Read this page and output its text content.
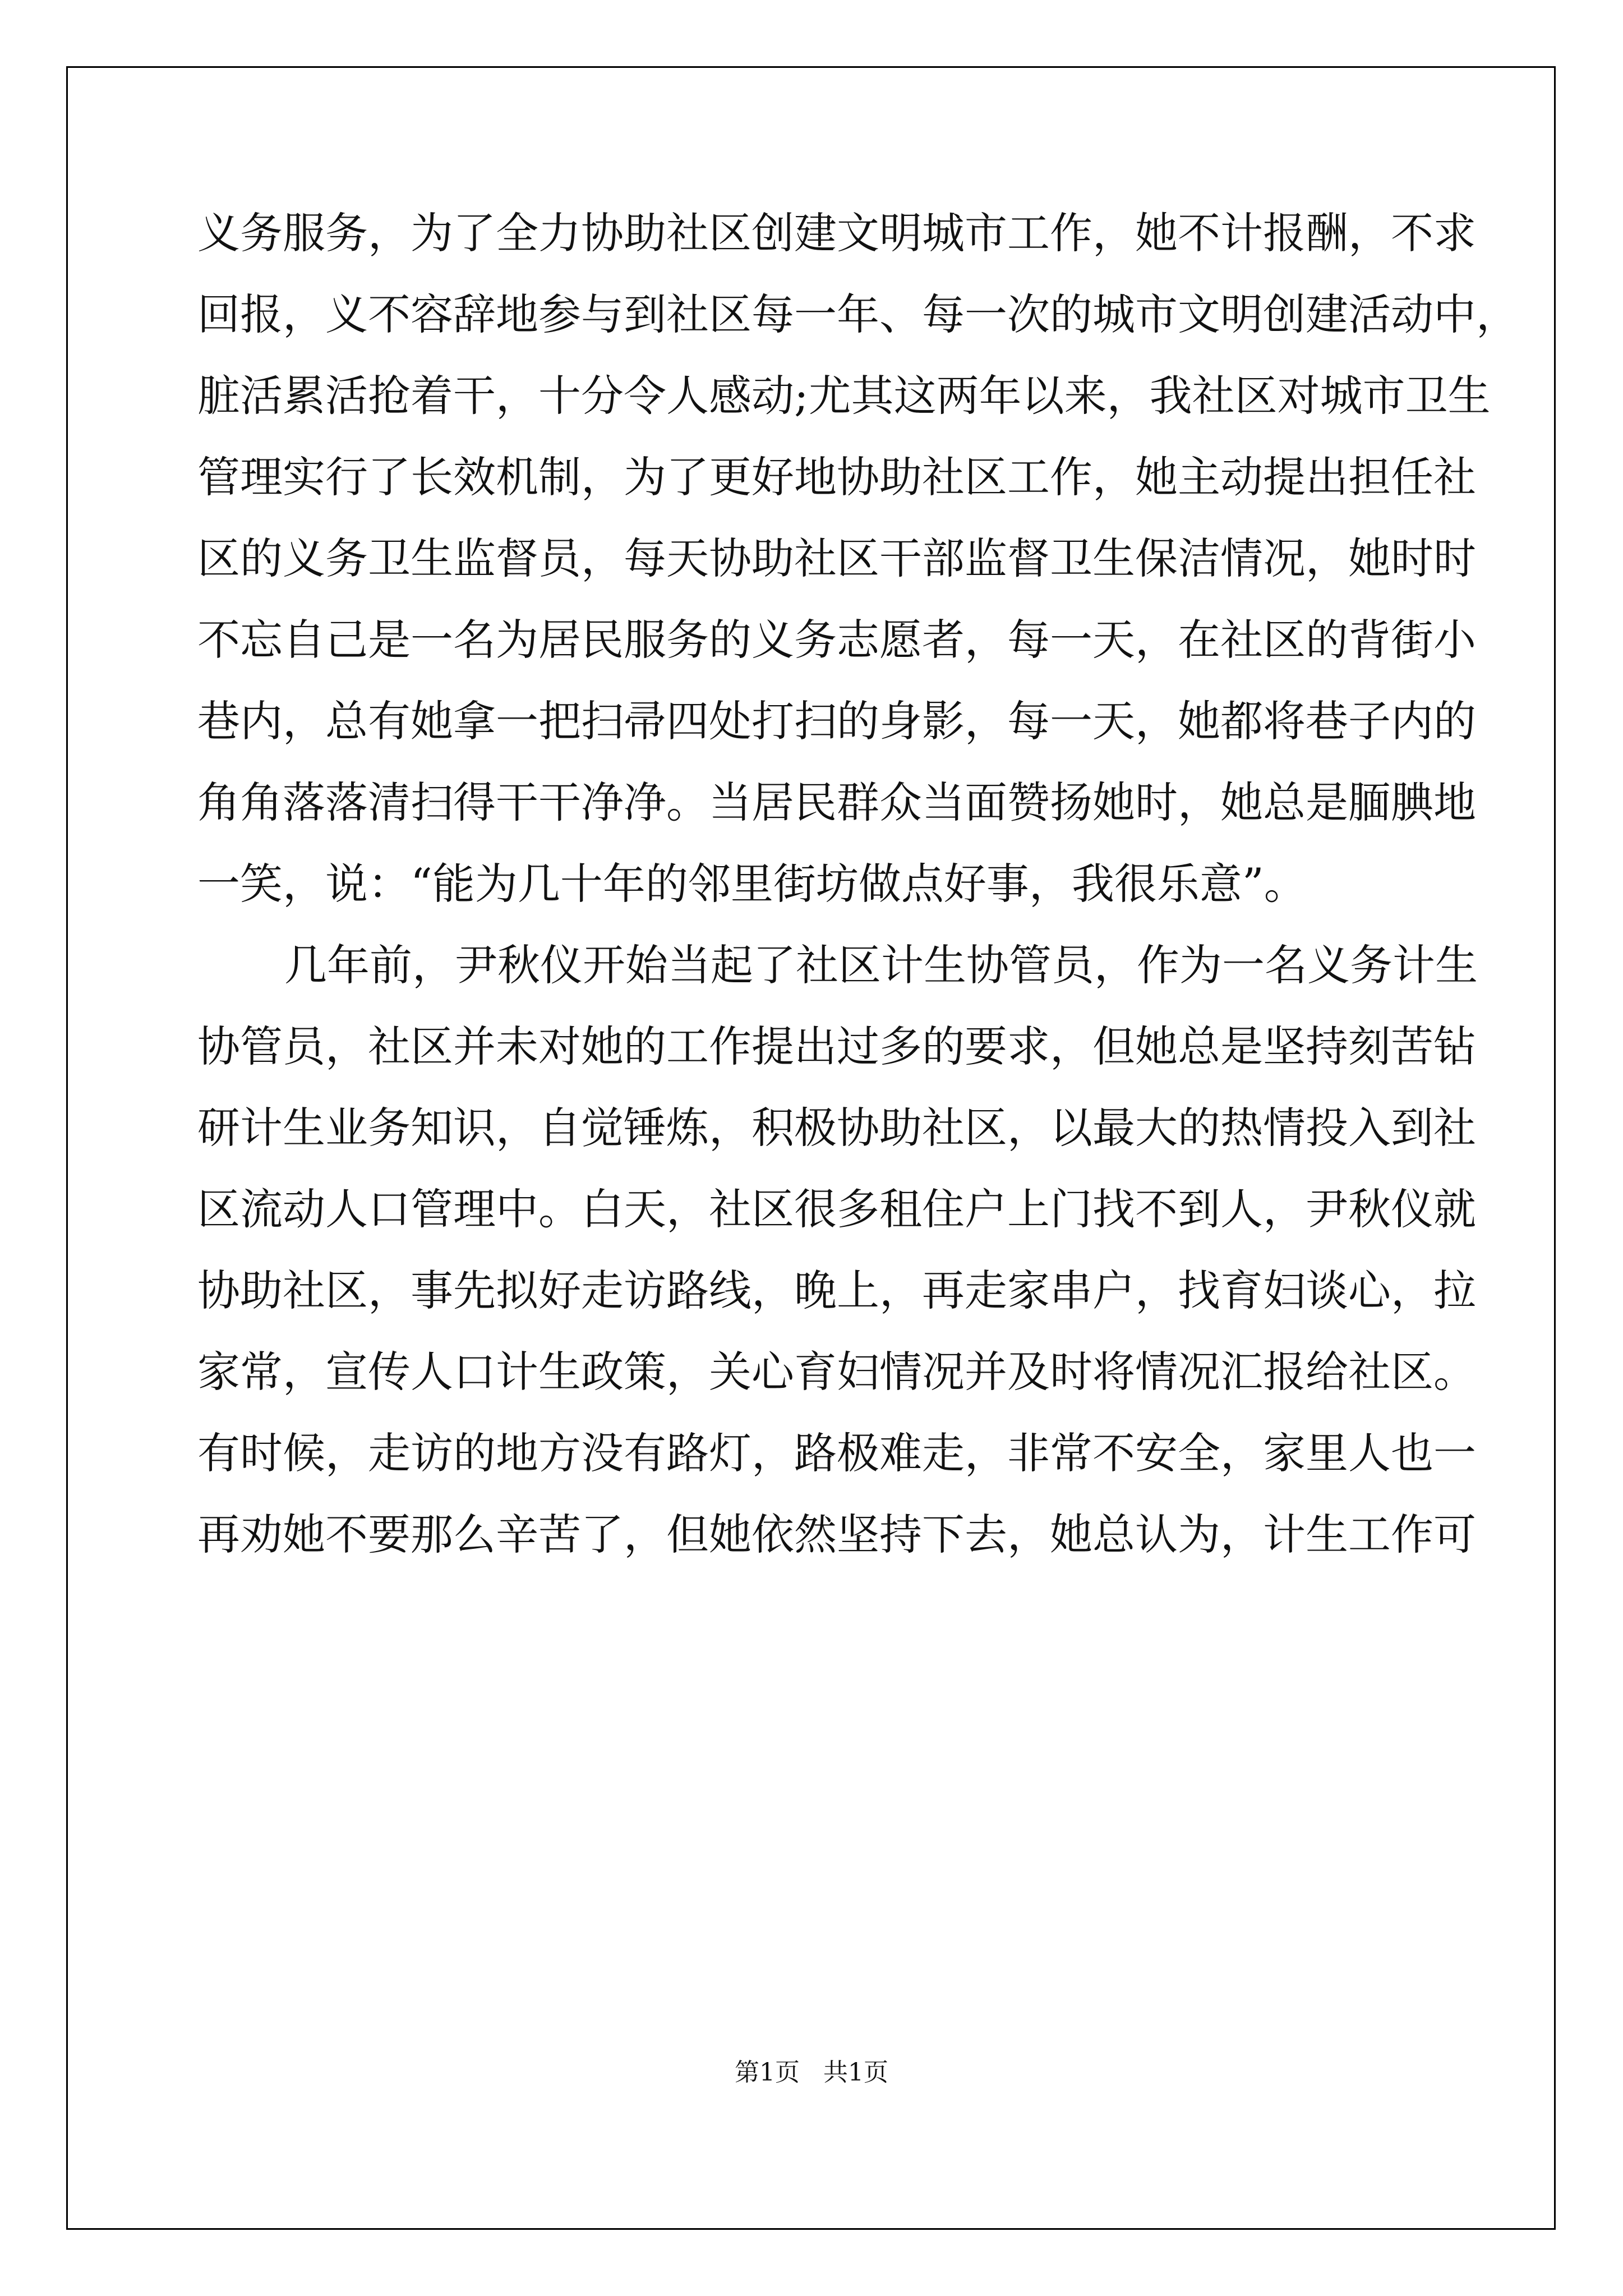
义务服务，为了全力协助社区创建文明城市工作，她不计报酬，不求
回报，义不容辞地参与到社区每一年、每一次的城市文明创建活动中，
脏活累活抢着干，十分令人感动;尤其这两年以来，我社区对城市卫生
管理实行了长效机制，为了更好地协助社区工作，她主动提出担任社
区的义务卫生监督员，每天协助社区干部监督卫生保洁情况，她时时
不忘自己是一名为居民服务的义务志愿者，每一天，在社区的背街小
巷内，总有她拿一把扫帚四处打扫的身影，每一天，她都将巷子内的
角角落落清扫得干干净净。当居民群众当面赞扬她时，她总是腼腆地
一笑，说：“能为几十年的邻里街坊做点好事，我很乐意”。
几年前，尹秋仪开始当起了社区计生协管员，作为一名义务计生
协管员，社区并未对她的工作提出过多的要求，但她总是坚持刻苦钻
研计生业务知识，自觉锤炼，积极协助社区，以最大的热情投入到社
区流动人口管理中。白天，社区很多租住户上门找不到人，尹秋仪就
协助社区，事先拟好走访路线，晚上，再走家串户，找育妇谈心，拉
家常，宣传人口计生政策，关心育妇情况并及时将情况汇报给社区。
有时候，走访的地方没有路灯，路极难走，非常不安全，家里人也一
再劝她不要那么辛苦了，但她依然坚持下去，她总认为，计生工作可
第1页   共1页
